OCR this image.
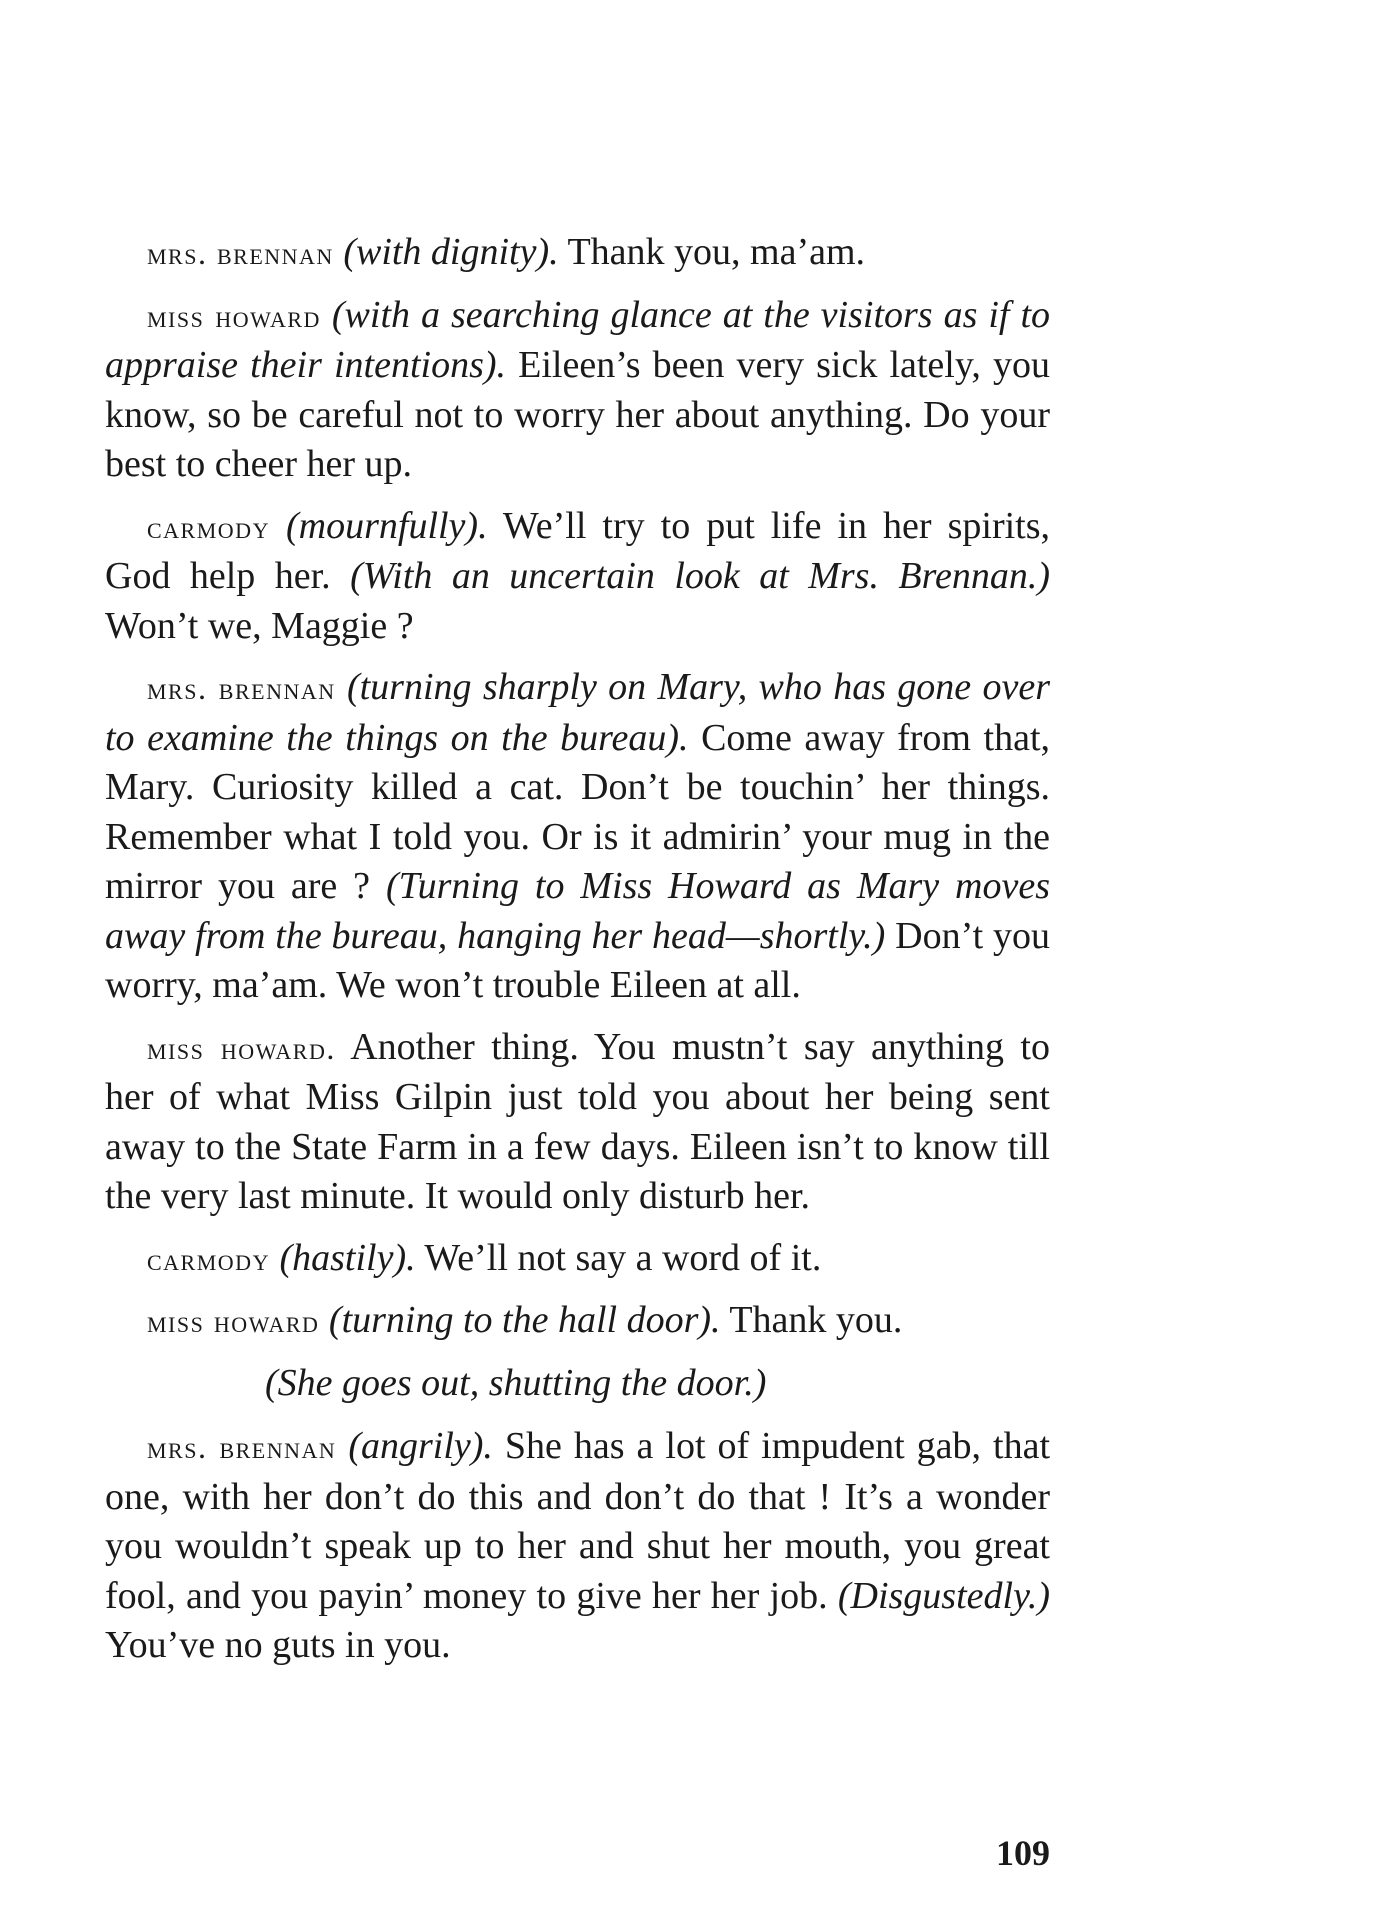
mrs. brennan (with dignity). Thank you, ma’am.

miss howard (with a searching glance at the visitors as if to appraise their intentions). Eileen’s been very sick lately, you know, so be careful not to worry her about anything. Do your best to cheer her up.

carmody (mournfully). We’ll try to put life in her spirits, God help her. (With an uncertain look at Mrs. Brennan.) Won’t we, Maggie ?

mrs. brennan (turning sharply on Mary, who has gone over to examine the things on the bureau). Come away from that, Mary. Curiosity killed a cat. Don’t be touchin’ her things. Remember what I told you. Or is it admirin’ your mug in the mirror you are ? (Turning to Miss Howard as Mary moves away from the bureau, hanging her head—shortly.) Don’t you worry, ma’am. We won’t trouble Eileen at all.

miss howard. Another thing. You mustn’t say anything to her of what Miss Gilpin just told you about her being sent away to the State Farm in a few days. Eileen isn’t to know till the very last minute. It would only disturb her.

carmody (hastily). We’ll not say a word of it.

miss howard (turning to the hall door). Thank you.

(She goes out, shutting the door.)

mrs. brennan (angrily). She has a lot of impudent gab, that one, with her don’t do this and don’t do that ! It’s a wonder you wouldn’t speak up to her and shut her mouth, you great fool, and you payin’ money to give her her job. (Disgustedly.) You’ve no guts in you.

109
